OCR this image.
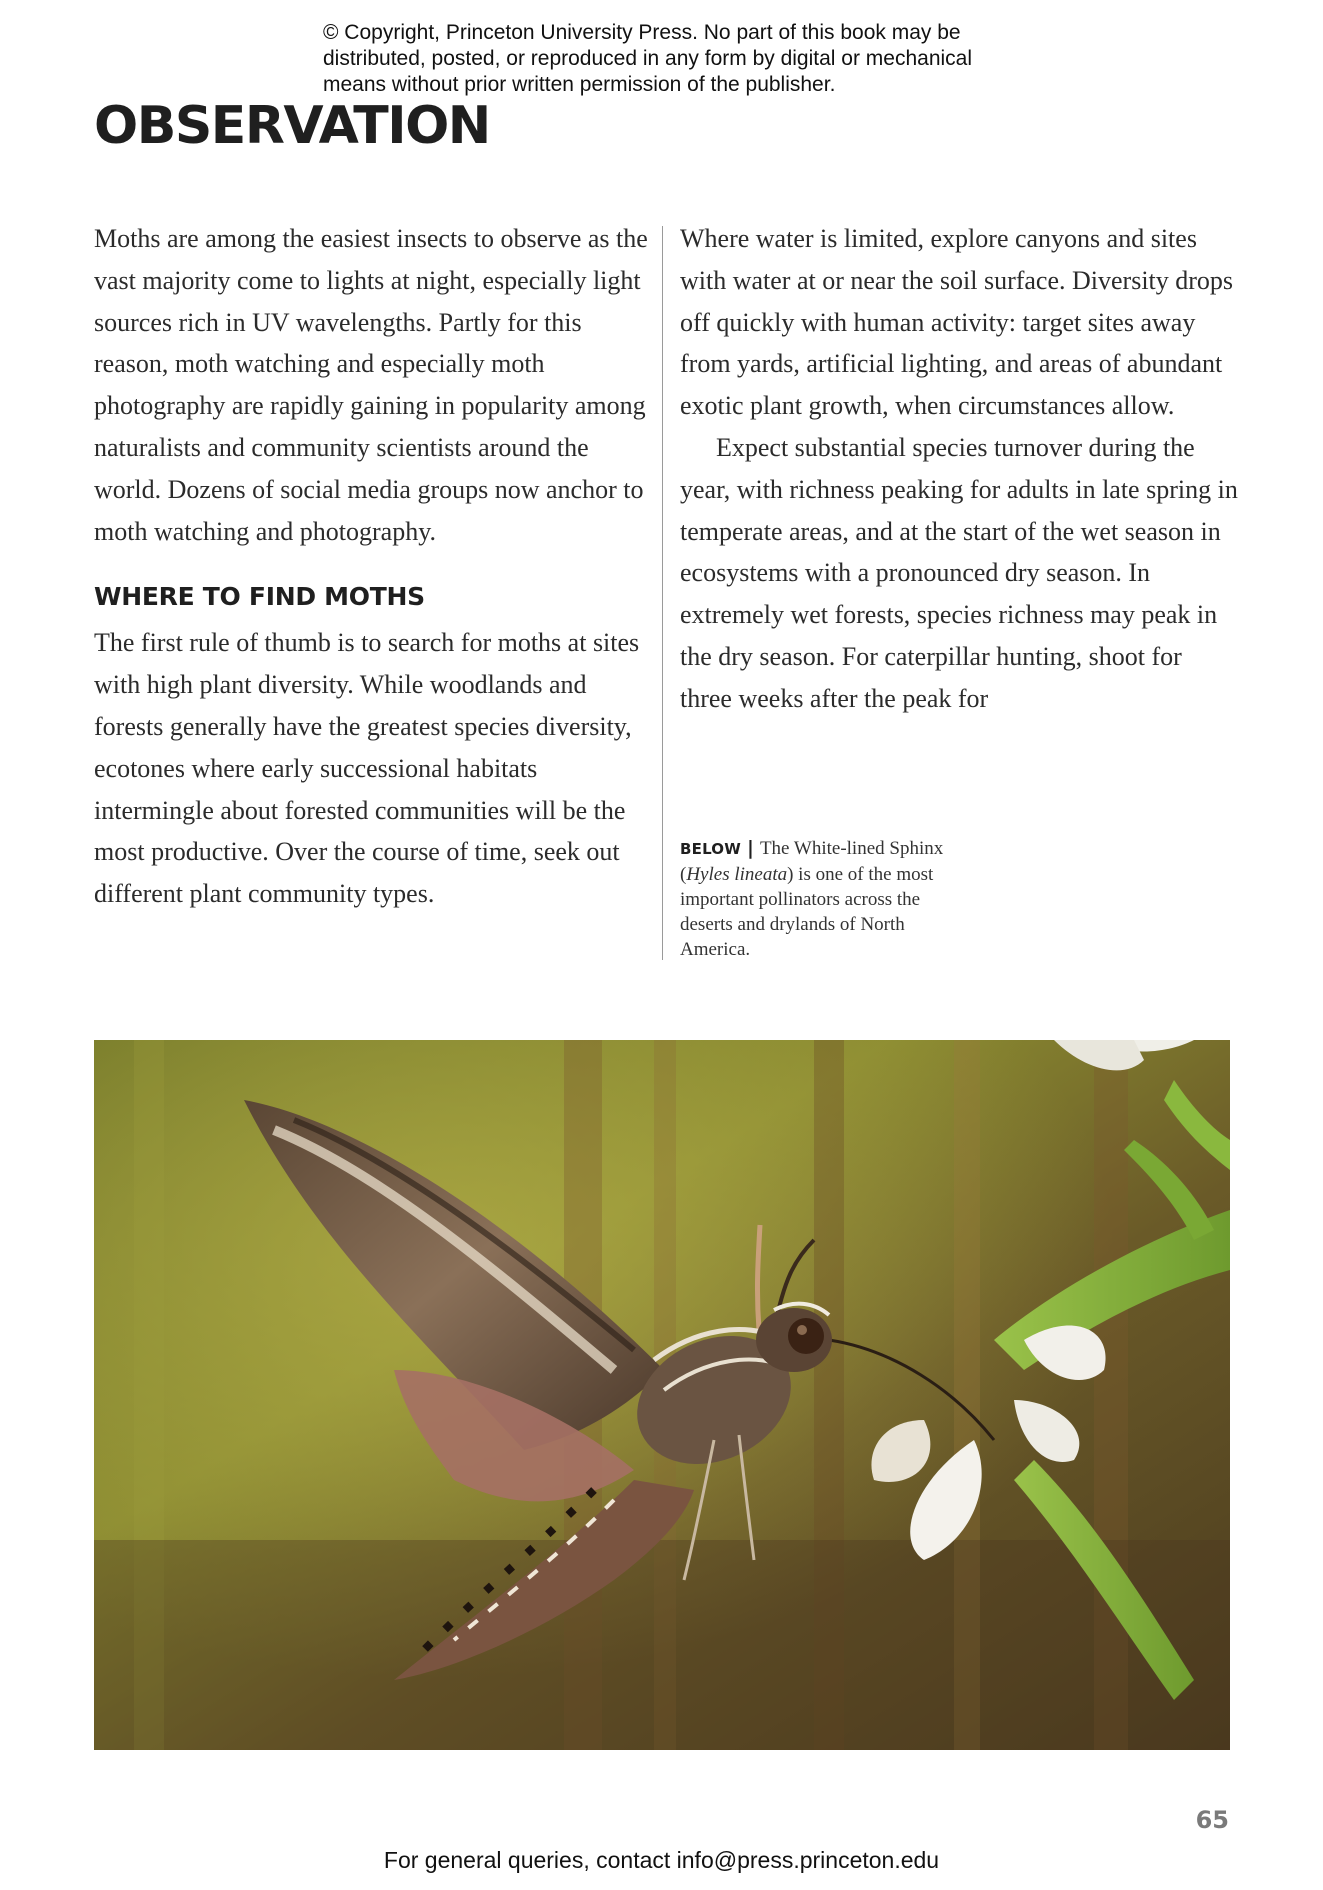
© Copyright, Princeton University Press. No part of this book may be
distributed, posted, or reproduced in any form by digital or mechanical
means without prior written permission of the publisher.
OBSERVATION

Moths are among the easiest insects to observe as the vast majority come to lights at night, especially light sources rich in UV wavelengths. Partly for this reason, moth watching and especially moth photography are rapidly gaining in popularity among naturalists and community scientists around the world. Dozens of social media groups now anchor to moth watching and photography.

WHERE TO FIND MOTHS

The first rule of thumb is to search for moths at sites with high plant diversity. While woodlands and forests generally have the greatest species diversity, ecotones where early successional habitats intermingle about forested communities will be the most productive. Over the course of time, seek out different plant community types.

Where water is limited, explore canyons and sites with water at or near the soil surface. Diversity drops off quickly with human activity: target sites away from yards, artificial lighting, and areas of abundant exotic plant growth, when circumstances allow.

Expect substantial species turnover during the year, with richness peaking for adults in late spring in temperate areas, and at the start of the wet season in ecosystems with a pronounced dry season. In extremely wet forests, species richness may peak in the dry season. For caterpillar hunting, shoot for three weeks after the peak for

BELOW | The White-lined Sphinx (Hyles lineata) is one of the most important pollinators across the deserts and drylands of North America.
65
For general queries, contact info@press.princeton.edu
